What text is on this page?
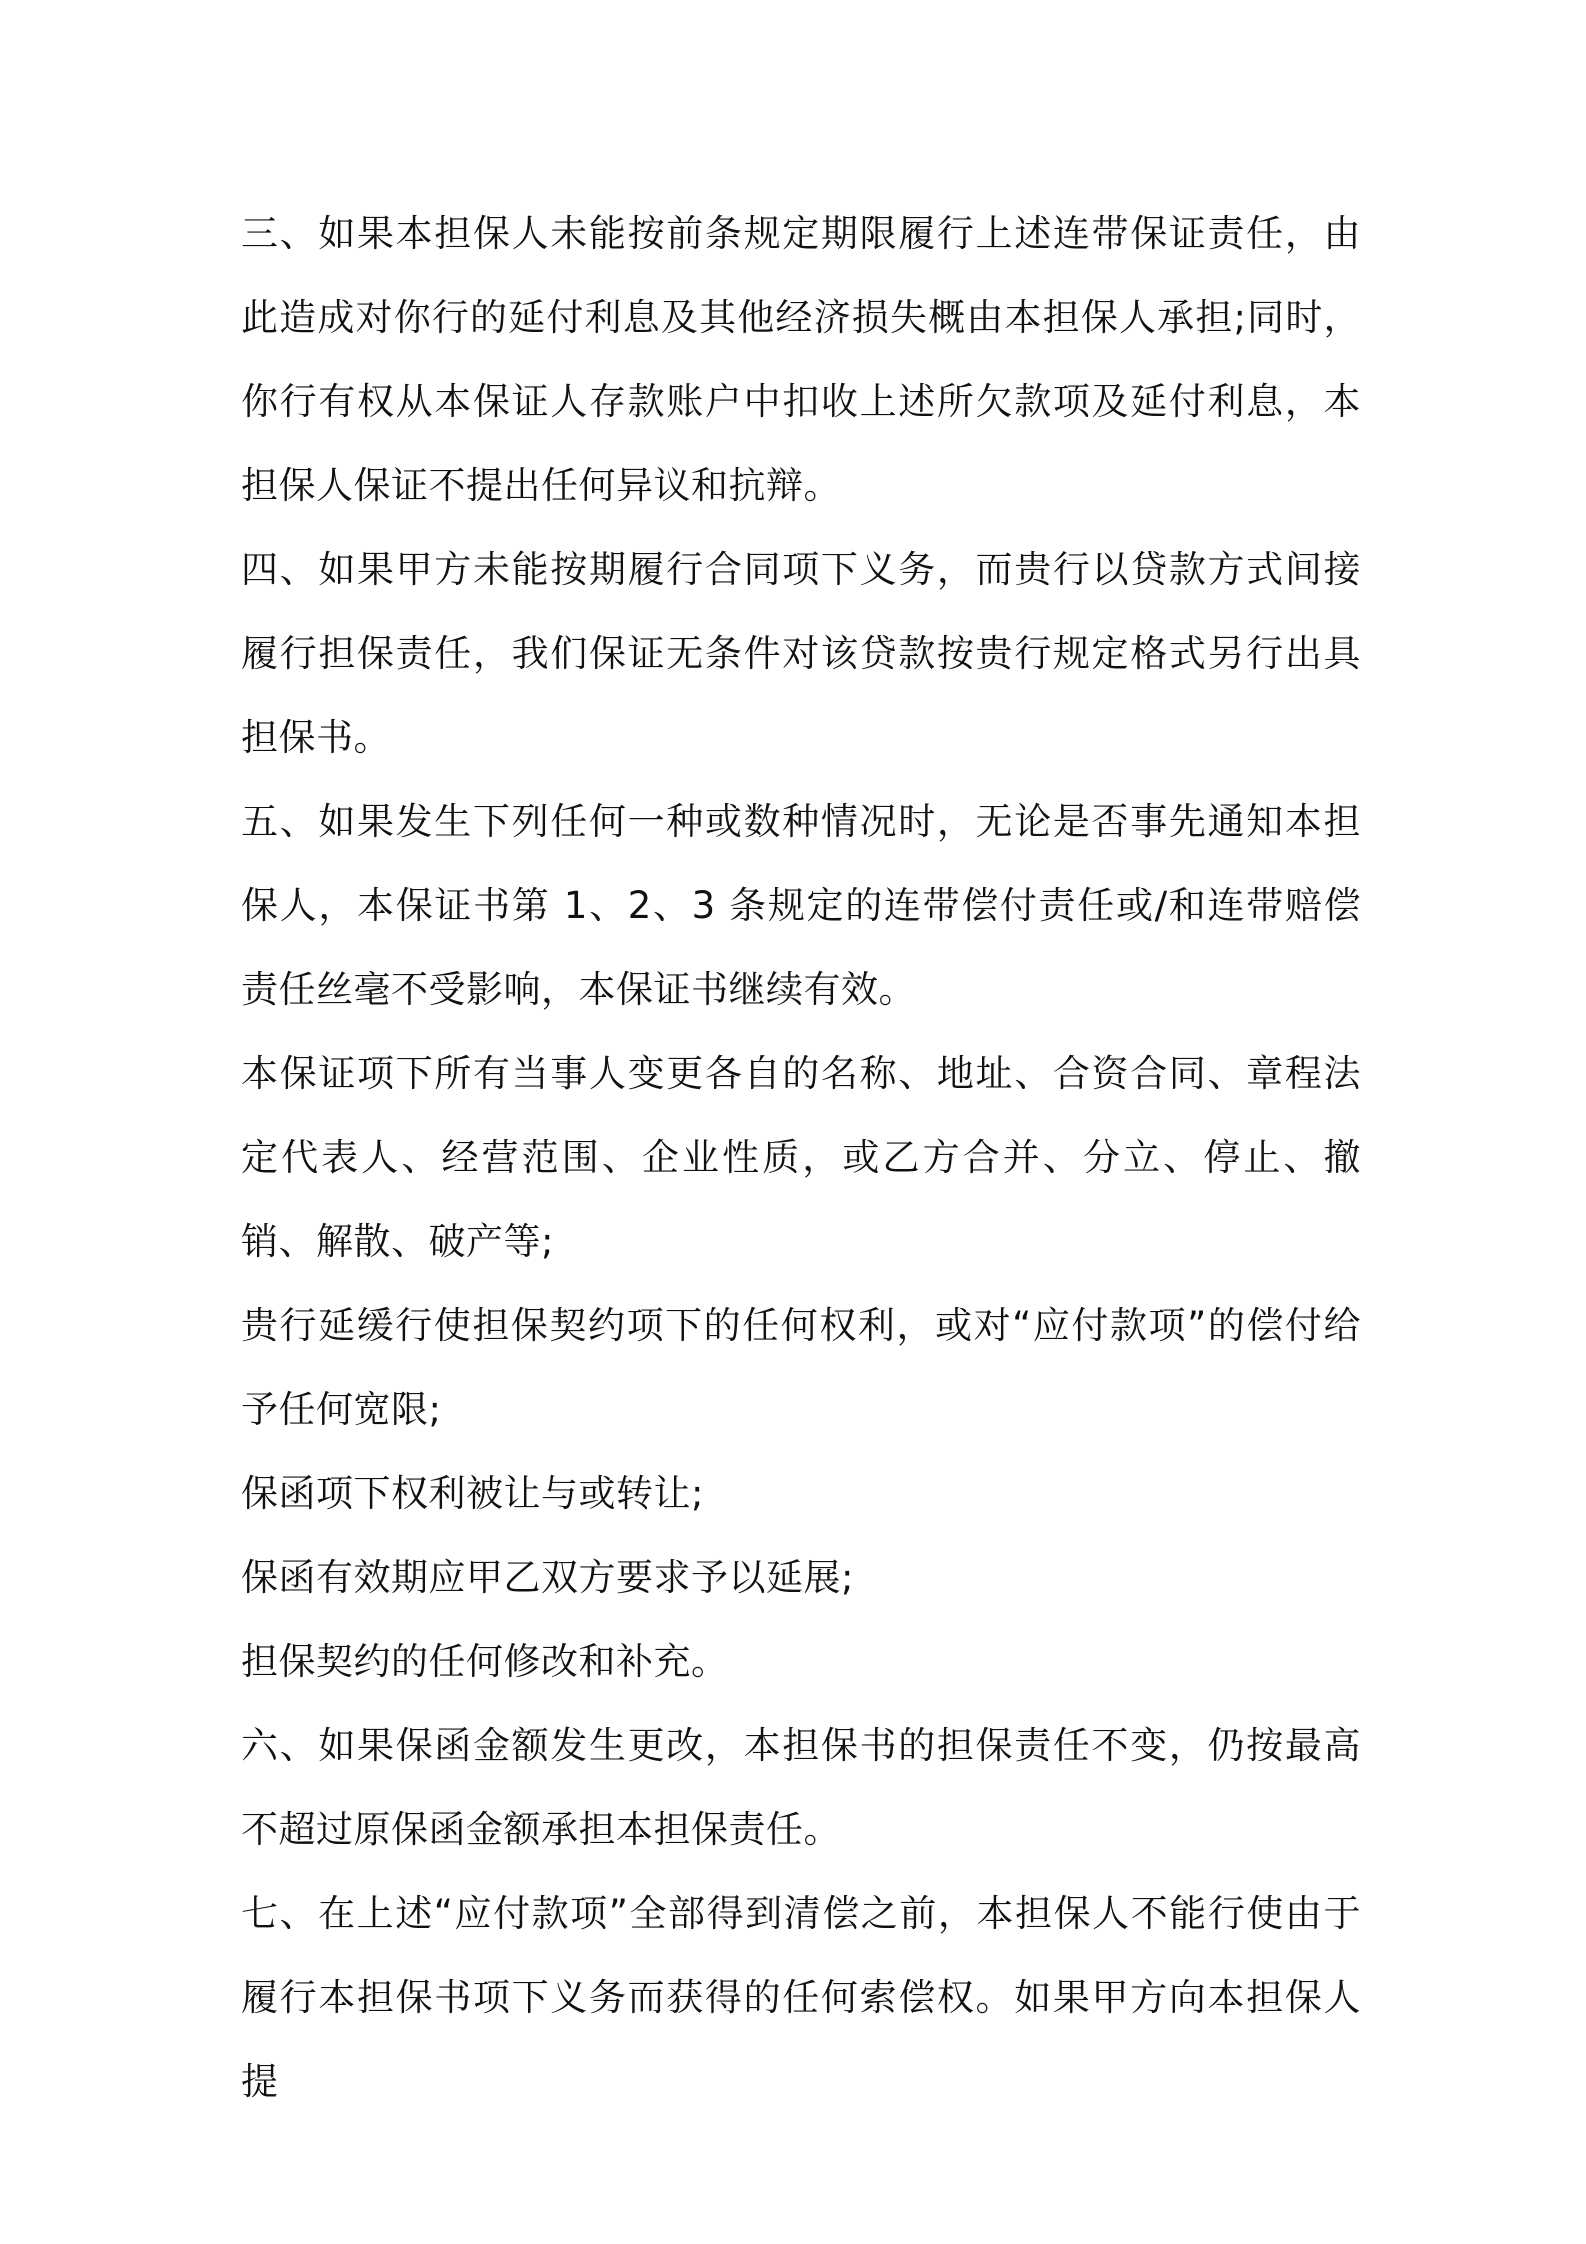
三、如果本担保人未能按前条规定期限履行上述连带保证责任，由此造成对你行的延付利息及其他经济损失概由本担保人承担;同时，你行有权从本保证人存款账户中扣收上述所欠款项及延付利息，本担保人保证不提出任何异议和抗辩。

四、如果甲方未能按期履行合同项下义务，而贵行以贷款方式间接履行担保责任，我们保证无条件对该贷款按贵行规定格式另行出具担保书。

五、如果发生下列任何一种或数种情况时，无论是否事先通知本担保人，本保证书第 1、2、3 条规定的连带偿付责任或/和连带赔偿责任丝毫不受影响，本保证书继续有效。

本保证项下所有当事人变更各自的名称、地址、合资合同、章程法定代表人、经营范围、企业性质，或乙方合并、分立、停止、撤销、解散、破产等;

贵行延缓行使担保契约项下的任何权利，或对“应付款项”的偿付给予任何宽限;

保函项下权利被让与或转让;

保函有效期应甲乙双方要求予以延展;

担保契约的任何修改和补充。

六、如果保函金额发生更改，本担保书的担保责任不变，仍按最高不超过原保函金额承担本担保责任。

七、在上述“应付款项”全部得到清偿之前，本担保人不能行使由于履行本担保书项下义务而获得的任何索偿权。如果甲方向本担保人提
